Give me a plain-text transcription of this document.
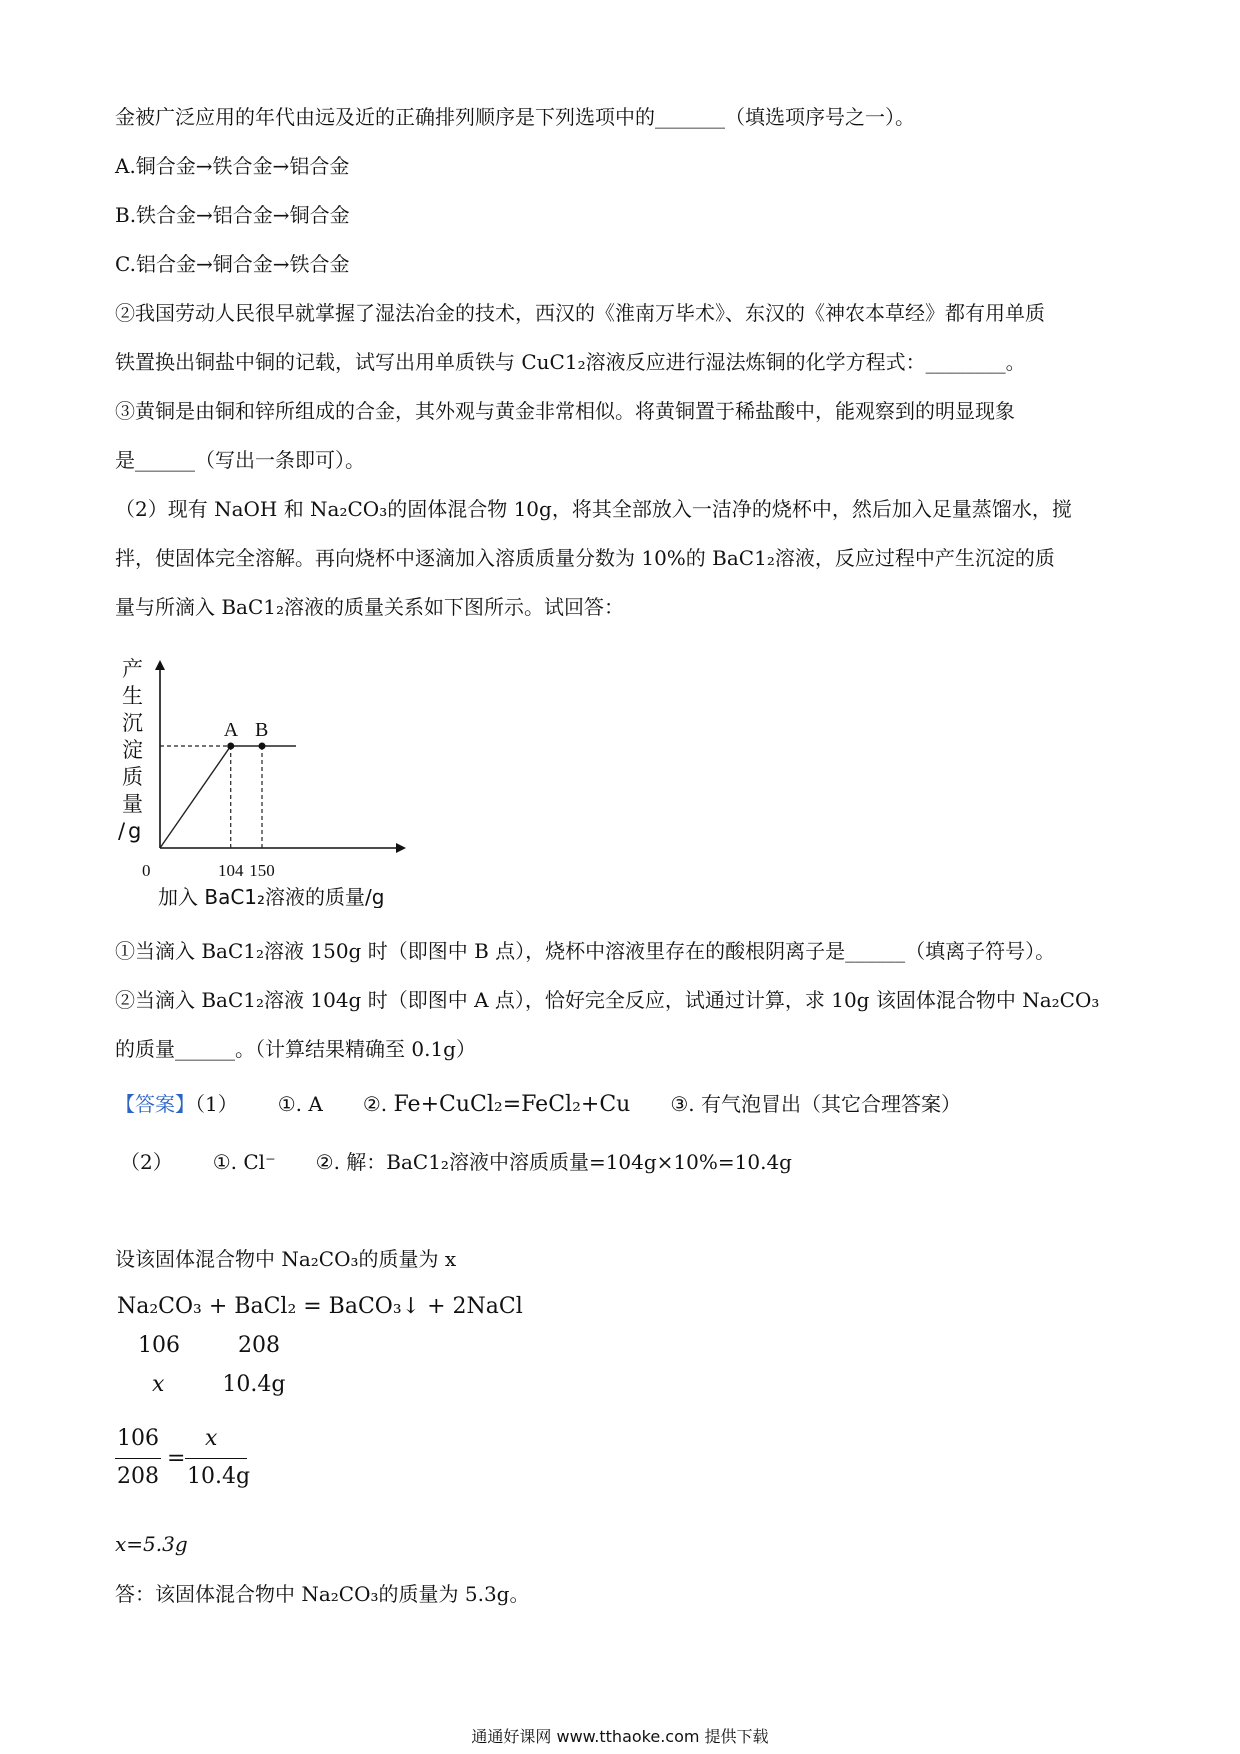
金被广泛应用的年代由远及近的正确排列顺序是下列选项中的_______（填选项序号之一）。
A.铜合金→铁合金→铝合金
B.铁合金→铝合金→铜合金
C.铝合金→铜合金→铁合金
②我国劳动人民很早就掌握了湿法冶金的技术，西汉的《淮南万毕术》、东汉的《神农本草经》都有用单质
铁置换出铜盐中铜的记载，试写出用单质铁与 CuC1₂溶液反应进行湿法炼铜的化学方程式：________。
③黄铜是由铜和锌所组成的合金，其外观与黄金非常相似。将黄铜置于稀盐酸中，能观察到的明显现象
是______（写出一条即可）。
（2）现有 NaOH 和 Na₂CO₃的固体混合物 10g，将其全部放入一洁净的烧杯中，然后加入足量蒸馏水，搅
拌，使固体完全溶解。再向烧杯中逐滴加入溶质质量分数为 10%的 BaC1₂溶液，反应过程中产生沉淀的质
量与所滴入 BaC1₂溶液的质量关系如下图所示。试回答：
A B
0	104 150
产生沉淀质量/ g
加入 BaC1₂溶液的质量/g
①当滴入 BaC1₂溶液 150g 时（即图中 B 点），烧杯中溶液里存在的酸根阴离子是______（填离子符号）。
②当滴入 BaC1₂溶液 104g 时（即图中 A 点），恰好完全反应，试通过计算，求 10g 该固体混合物中 Na₂CO₃
的质量______。（计算结果精确至 0.1g）
【答案】（1） ①. A ②. Fe+CuCl₂=FeCl₂+Cu ③. 有气泡冒出（其它合理答案）
（2） ①. Cl⁻ ②. 解：BaC1₂溶液中溶质质量=104g×10%=10.4g
设该固体混合物中 Na₂CO₃的质量为 x
Na₂CO₃ + BaCl₂ = BaCO₃↓ + 2NaCl
106	208
x	10.4g
106
208
=
x
10.4g
x=5.3g
答：该固体混合物中 Na₂CO₃的质量为 5.3g。
通通好课网 www.tthaoke.com 提供下载
